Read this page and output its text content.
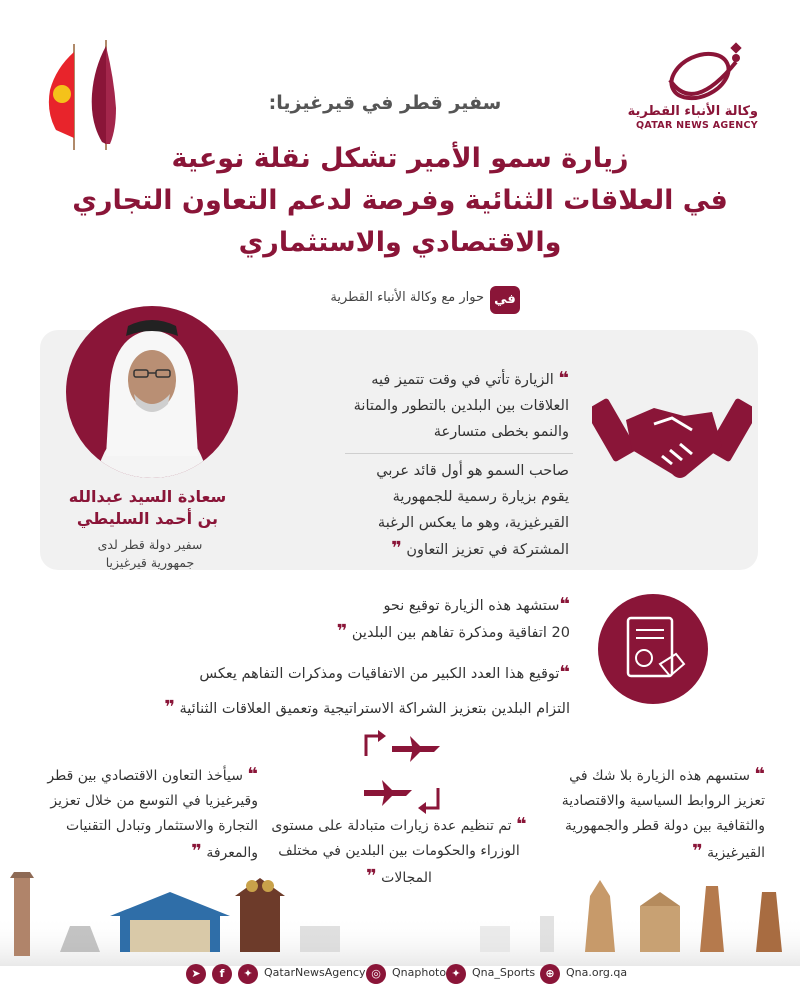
وكالة الأنباء القطرية
QATAR NEWS AGENCY
سفير قطر في قيرغيزيا:
زيارة سمو الأمير تشكل نقلة نوعية
في العلاقات الثنائية وفرصة لدعم التعاون التجاري
والاقتصادي والاستثماري
في
حوار مع وكالة الأنباء القطرية
سعادة السيد عبدالله
بن أحمد السليطي
سفير دولة قطر لدى
جمهورية قيرغيزيا
❝ الزيارة تأتي في وقت تتميز فيه العلاقات بين البلدين بالتطور والمتانة والنمو بخطى متسارعة
صاحب السمو هو أول قائد عربي يقوم بزيارة رسمية للجمهورية القيرغيزية، وهو ما يعكس الرغبة المشتركة في تعزيز التعاون ❞
❝ستشهد هذه الزيارة توقيع نحو
20 اتفاقية ومذكرة تفاهم بين البلدين ❞
❝توقيع هذا العدد الكبير من الاتفاقيات ومذكرات التفاهم يعكس
التزام البلدين بتعزيز الشراكة الاستراتيجية وتعميق العلاقات الثنائية ❞
❝ سيأخذ التعاون الاقتصادي بين قطر وقيرغيزيا في التوسع من خلال تعزيز التجارة والاستثمار وتبادل التقنيات والمعرفة ❞
❝ تم تنظيم عدة زيارات متبادلة على مستوى الوزراء والحكومات بين البلدين في مختلف المجالات ❞
❝ ستسهم هذه الزيارة بلا شك في تعزيز الروابط السياسية والاقتصادية والثقافية بين دولة قطر والجمهورية القيرغيزية ❞
➤	f	✦	QatarNewsAgency ◎	Qnaphoto ✦	Qna_Sports ⊕	Qna.org.qa
